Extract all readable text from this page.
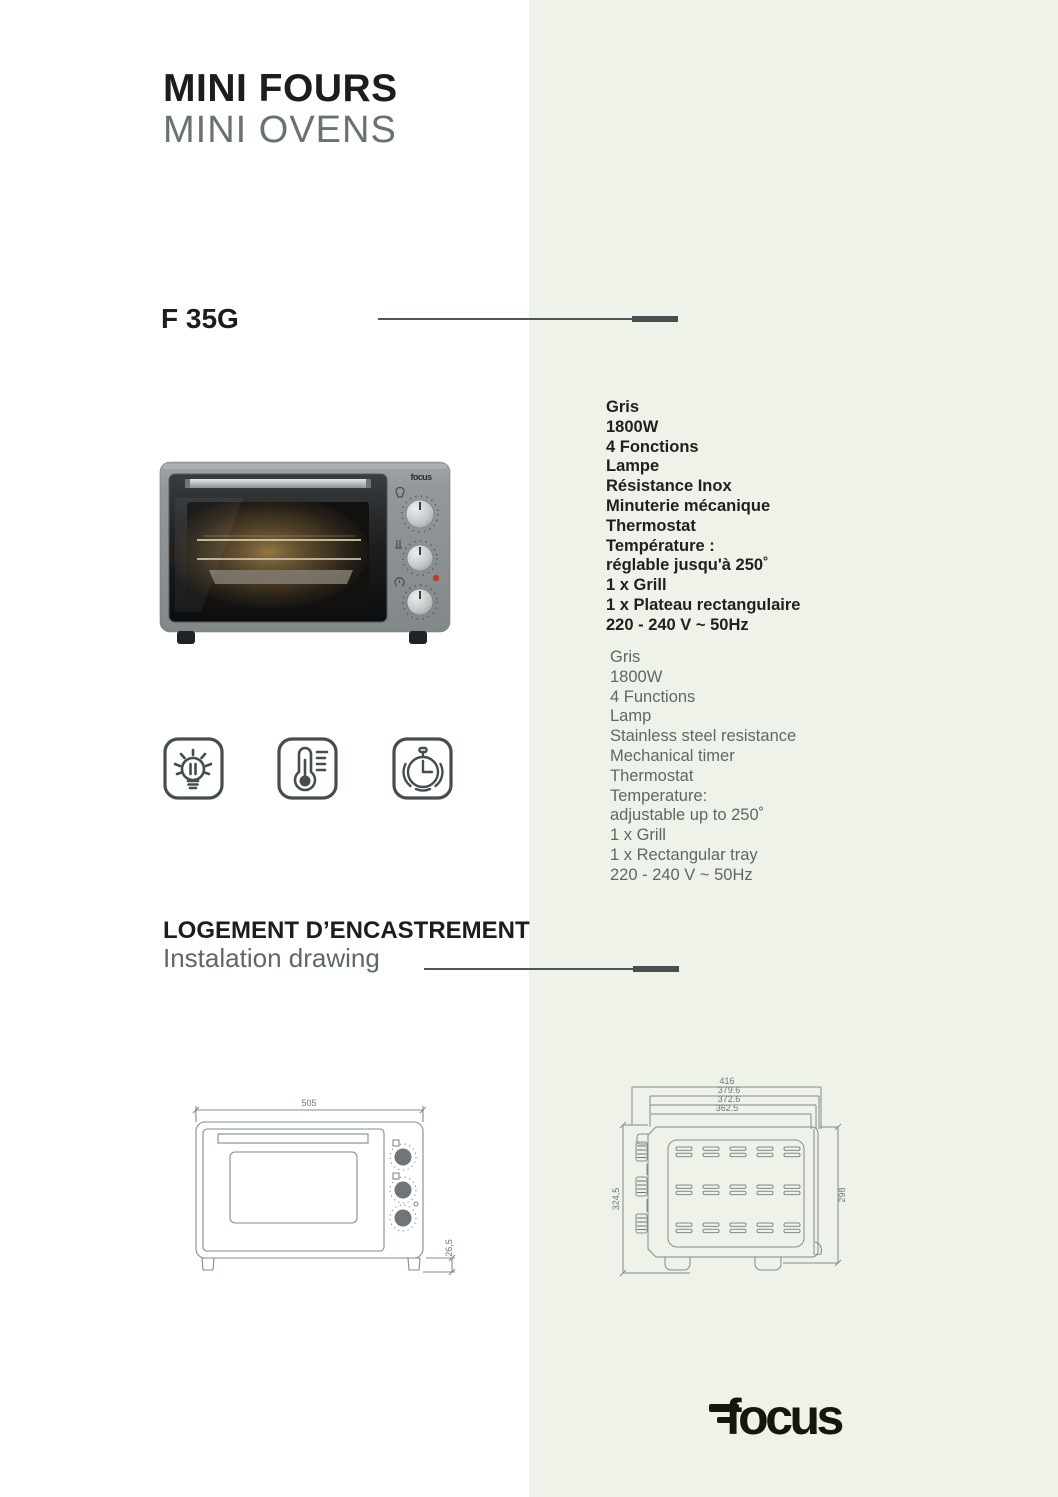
MINI FOURS
MINI OVENS
F 35G
focus
Gris
1800W
4 Fonctions
Lampe
Résistance Inox
Minuterie mécanique
Thermostat
Température :
réglable jusqu'à 250˚
1 x Grill
1 x Plateau rectangulaire
220 - 240 V ~ 50Hz
Gris
1800W
4 Functions
Lamp
Stainless steel resistance
Mechanical timer
Thermostat
Temperature:
adjustable up to 250˚
1 x Grill
1 x Rectangular tray
220 - 240 V ~ 50Hz
LOGEMENT D’ENCASTREMENT
Instalation drawing
505
26,5
416
379.6
372.6
362.5
324,5	298
focus
